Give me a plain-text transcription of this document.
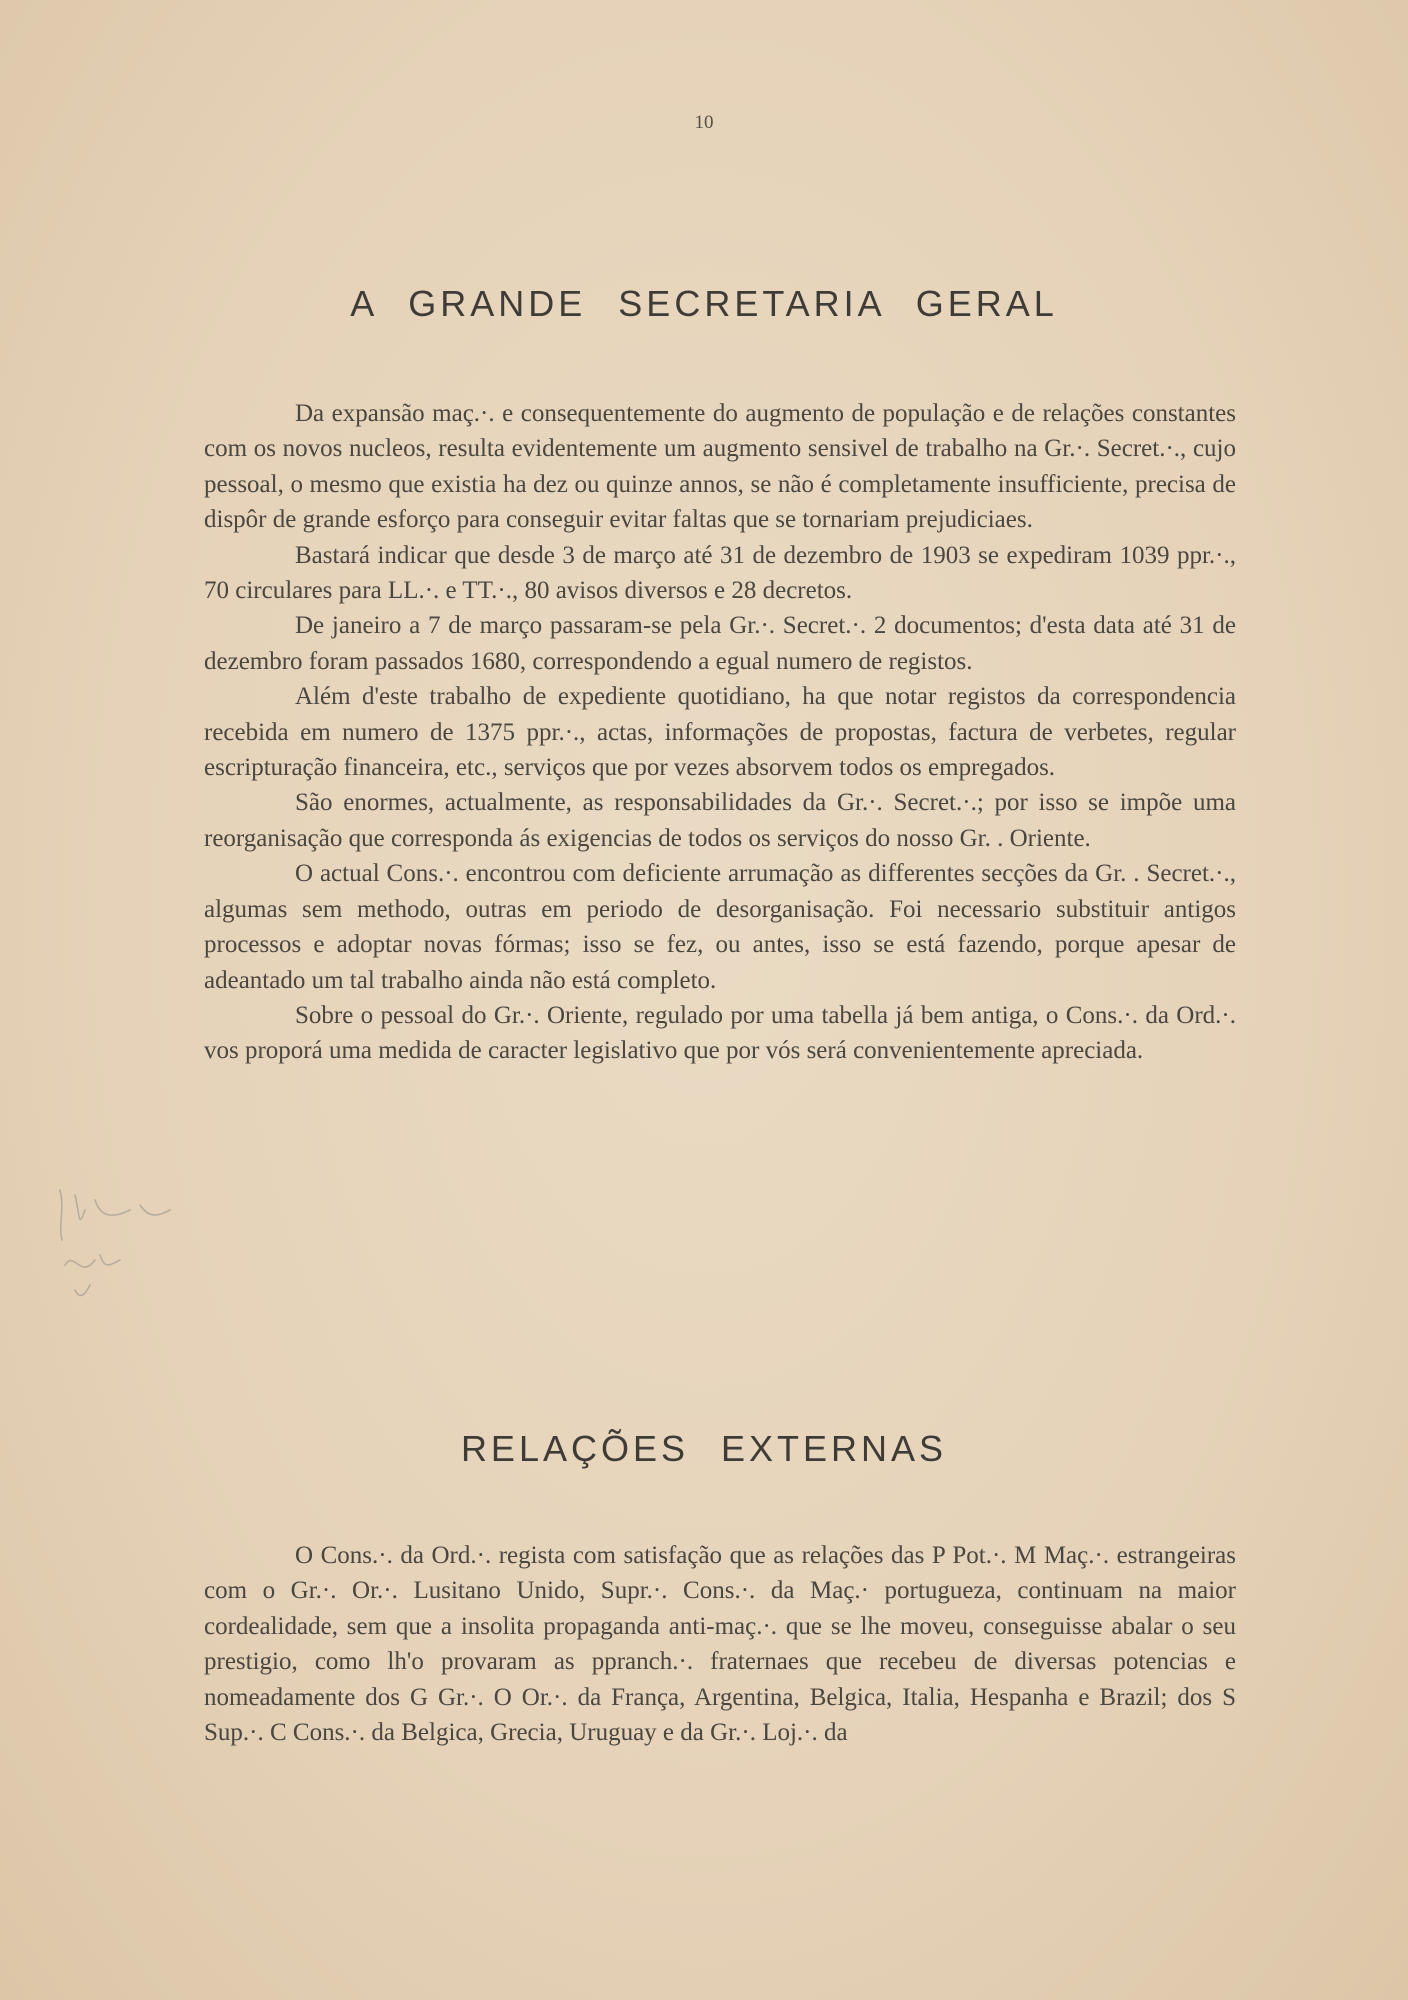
10
A GRANDE SECRETARIA GERAL

Da expansão maç.·. e consequentemente do augmento de população e de relações constantes com os novos nucleos, resulta evidentemente um augmento sensivel de trabalho na Gr.·. Secret.·., cujo pessoal, o mesmo que existia ha dez ou quinze annos, se não é completamente insufficiente, precisa de dispôr de grande esforço para conseguir evitar faltas que se tornariam prejudiciaes.

Bastará indicar que desde 3 de março até 31 de dezembro de 1903 se expediram 1039 ppr.·., 70 circulares para LL.·. e TT.·., 80 avisos diversos e 28 decretos.

De janeiro a 7 de março passaram-se pela Gr.·. Secret.·. 2 documentos; d'esta data até 31 de dezembro foram passados 1680, correspondendo a egual numero de registos.

Além d'este trabalho de expediente quotidiano, ha que notar registos da correspondencia recebida em numero de 1375 ppr.·., actas, informações de propostas, factura de verbetes, regular escripturação financeira, etc., serviços que por vezes absorvem todos os empregados.

São enormes, actualmente, as responsabilidades da Gr.·. Secret.·.; por isso se impõe uma reorganisação que corresponda ás exigencias de todos os serviços do nosso Gr. . Oriente.

O actual Cons.·. encontrou com deficiente arrumação as differentes secções da Gr. . Secret.·., algumas sem methodo, outras em periodo de desorganisação. Foi necessario substituir antigos processos e adoptar novas fórmas; isso se fez, ou antes, isso se está fazendo, porque apesar de adeantado um tal trabalho ainda não está completo.

Sobre o pessoal do Gr.·. Oriente, regulado por uma tabella já bem antiga, o Cons.·. da Ord.·. vos proporá uma medida de caracter legislativo que por vós será convenientemente apreciada.

RELAÇÕES EXTERNAS

O Cons.·. da Ord.·. regista com satisfação que as relações das P Pot.·. M Maç.·. estrangeiras com o Gr.·. Or.·. Lusitano Unido, Supr.·. Cons.·. da Maç.· portugueza, continuam na maior cordealidade, sem que a insolita propaganda anti-maç.·. que se lhe moveu, conseguisse abalar o seu prestigio, como lh'o provaram as ppranch.·. fraternaes que recebeu de diversas potencias e nomeadamente dos G Gr.·. O Or.·. da França, Argentina, Belgica, Italia, Hespanha e Brazil; dos S Sup.·. C Cons.·. da Belgica, Grecia, Uruguay e da Gr.·. Loj.·. da
